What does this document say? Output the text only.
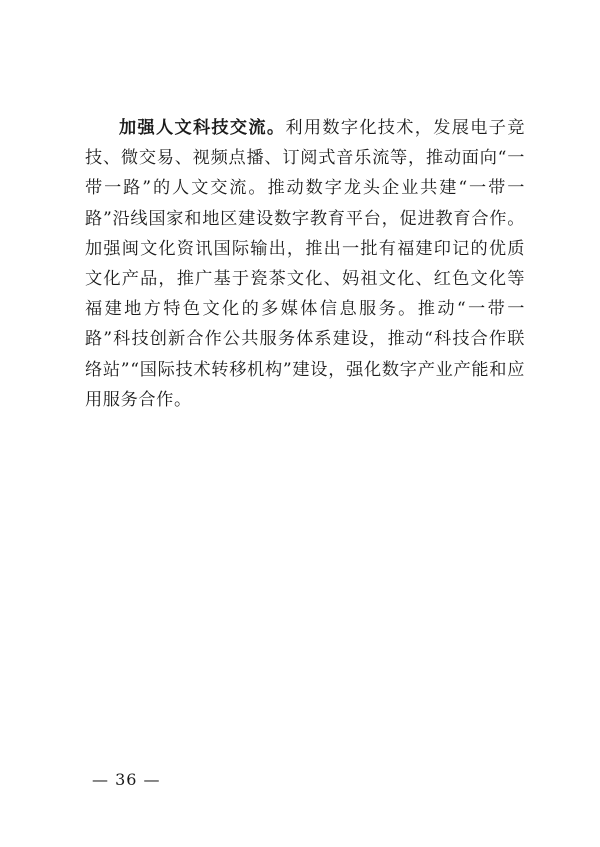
加强人文科技交流。利用数字化技术，发展电子竞技、微交易、视频点播、订阅式音乐流等，推动面向“一带一路”的人文交流。推动数字龙头企业共建“一带一路”沿线国家和地区建设数字教育平台，促进教育合作。加强闽文化资讯国际输出，推出一批有福建印记的优质文化产品，推广基于瓷茶文化、妈祖文化、红色文化等福建地方特色文化的多媒体信息服务。推动“一带一路”科技创新合作公共服务体系建设，推动“科技合作联络站”“国际技术转移机构”建设，强化数字产业产能和应用服务合作。

— 36 —
